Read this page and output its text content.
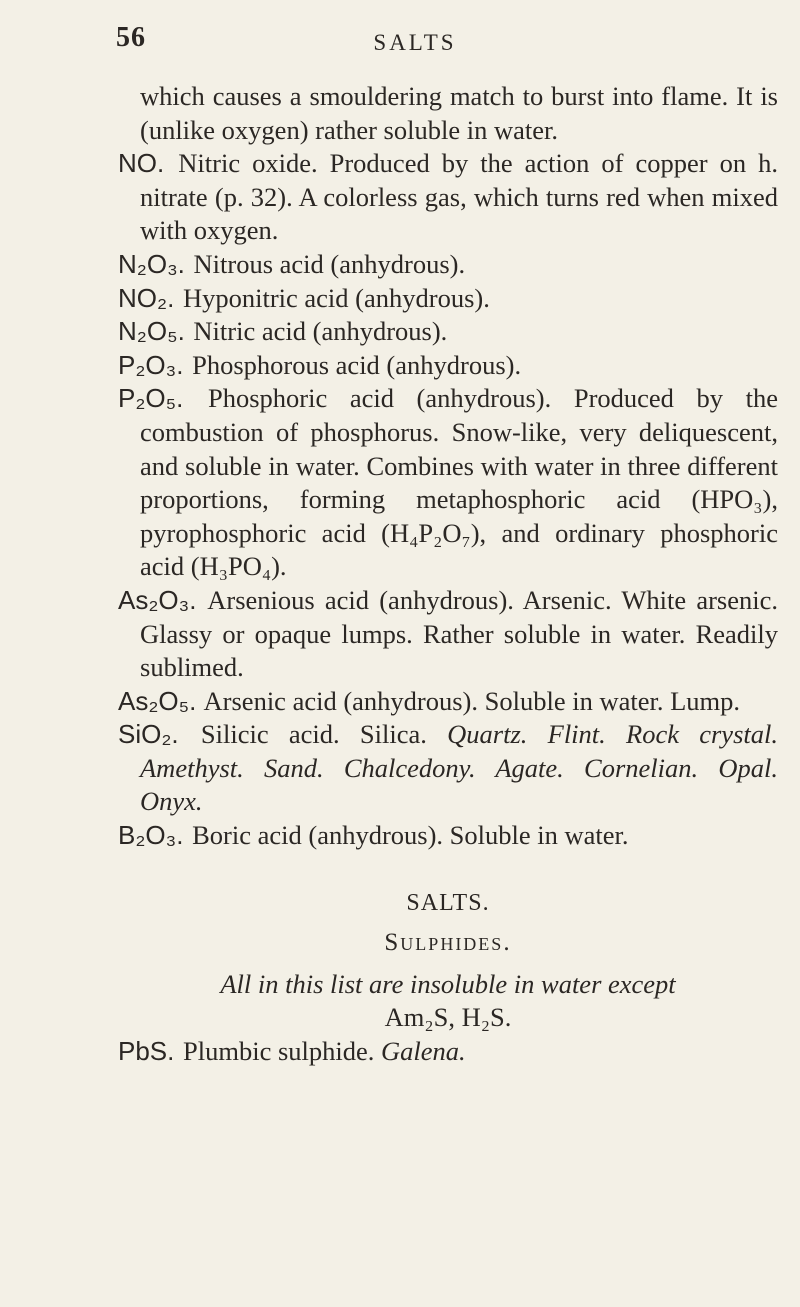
56	SALTS

which causes a smouldering match to burst into flame. It is (unlike oxygen) rather soluble in water.

NO. Nitric oxide. Produced by the action of copper on h. nitrate (p. 32). A colorless gas, which turns red when mixed with oxygen.

N₂O₃. Nitrous acid (anhydrous).

NO₂. Hyponitric acid (anhydrous).

N₂O₅. Nitric acid (anhydrous).

P₂O₃. Phosphorous acid (anhydrous).

P₂O₅. Phosphoric acid (anhydrous). Produced by the combustion of phosphorus. Snow-like, very deliquescent, and soluble in water. Combines with water in three different proportions, forming metaphosphoric acid (HPO₃), pyrophosphoric acid (H₄P₂O₇), and ordinary phosphoric acid (H₃PO₄).

As₂O₃. Arsenious acid (anhydrous). Arsenic. White arsenic. Glassy or opaque lumps. Rather soluble in water. Readily sublimed.

As₂O₅. Arsenic acid (anhydrous). Soluble in water. Lump.

SiO₂. Silicic acid. Silica. Quartz. Flint. Rock crystal. Amethyst. Sand. Chalcedony. Agate. Cornelian. Opal. Onyx.

B₂O₃. Boric acid (anhydrous). Soluble in water.

SALTS.

Sulphides.

All in this list are insoluble in water except

Am₂S, H₂S.

PbS. Plumbic sulphide. Galena.
